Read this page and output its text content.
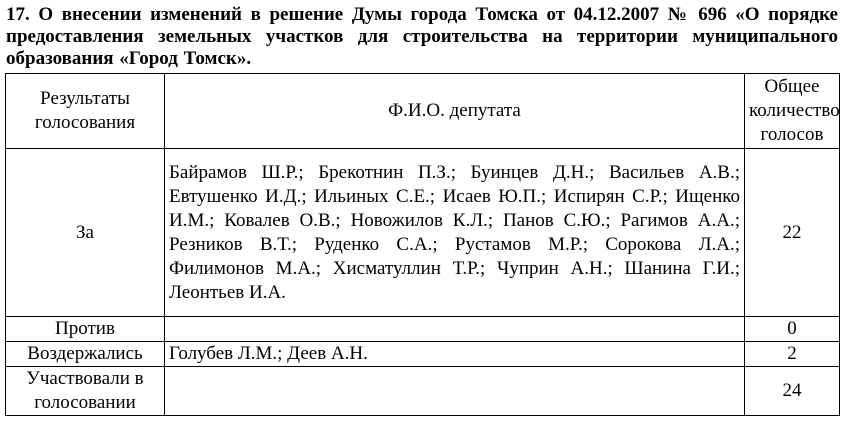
17. О внесении изменений в решение Думы города Томска от 04.12.2007 № 696 «О порядке предоставления земельных участков для строительства на территории муниципального образования «Город Томск».
Результаты голосования	Ф.И.О. депутата	Общее количество голосов
За	Байрамов Ш.Р.; Брекотнин П.З.; Буинцев Д.Н.; Васильев А.В.; Евтушенко И.Д.; Ильиных С.Е.; Исаев Ю.П.; Испирян С.Р.; Ищенко И.М.; Ковалев О.В.; Новожилов К.Л.; Панов С.Ю.; Рагимов А.А.; Резников В.Т.; Руденко С.А.; Рустамов М.Р.; Сорокова Л.А.; Филимонов М.А.; Хисматуллин Т.Р.; Чуприн А.Н.; Шанина Г.И.; Леонтьев И.А.	22
Против		0
Воздержались	Голубев Л.М.; Деев А.Н.	2
Участвовали в голосовании		24
